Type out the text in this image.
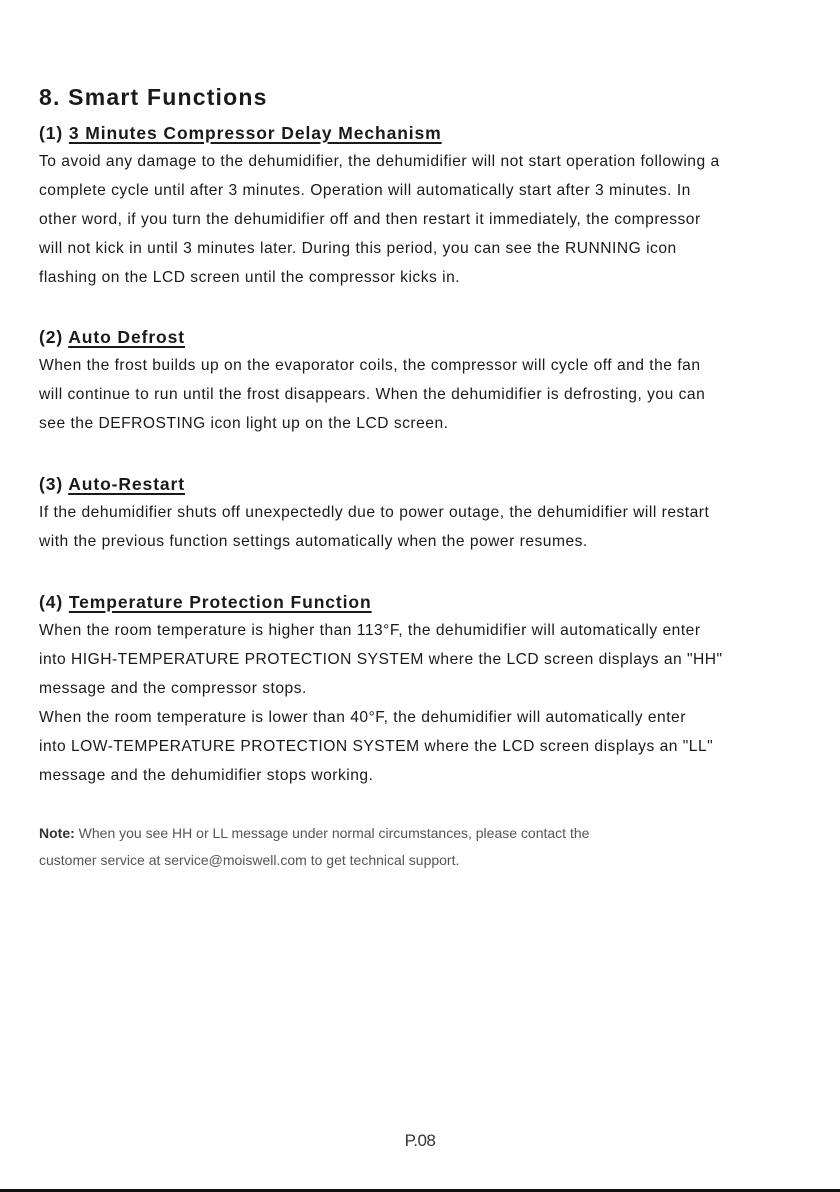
8. Smart Functions
(1) 3 Minutes Compressor Delay Mechanism

To avoid any damage to the dehumidifier, the dehumidifier will not start operation following a

complete cycle until after 3 minutes. Operation will automatically start after 3 minutes. In

other word, if you turn the dehumidifier off and then restart it immediately, the compressor

will not kick in until 3 minutes later. During this period, you can see the RUNNING icon

flashing on the LCD screen until the compressor kicks in.

(2) Auto Defrost

When the frost builds up on the evaporator coils, the compressor will cycle off and the fan

will continue to run until the frost disappears. When the dehumidifier is defrosting, you can

see the DEFROSTING icon light up on the LCD screen.

(3) Auto-Restart

If the dehumidifier shuts off unexpectedly due to power outage, the dehumidifier will restart

with the previous function settings automatically when the power resumes.

(4) Temperature Protection Function

When the room temperature is higher than 113°F, the dehumidifier will automatically enter

into HIGH-TEMPERATURE PROTECTION SYSTEM where the LCD screen displays an "HH"

message and the compressor stops.

When the room temperature is lower than 40°F, the dehumidifier will automatically enter

into LOW-TEMPERATURE PROTECTION SYSTEM where the LCD screen displays an "LL"

message and the dehumidifier stops working.

Note: When you see HH or LL message under normal circumstances, please contact the

customer service at service@moiswell.com to get technical support.

P.08
